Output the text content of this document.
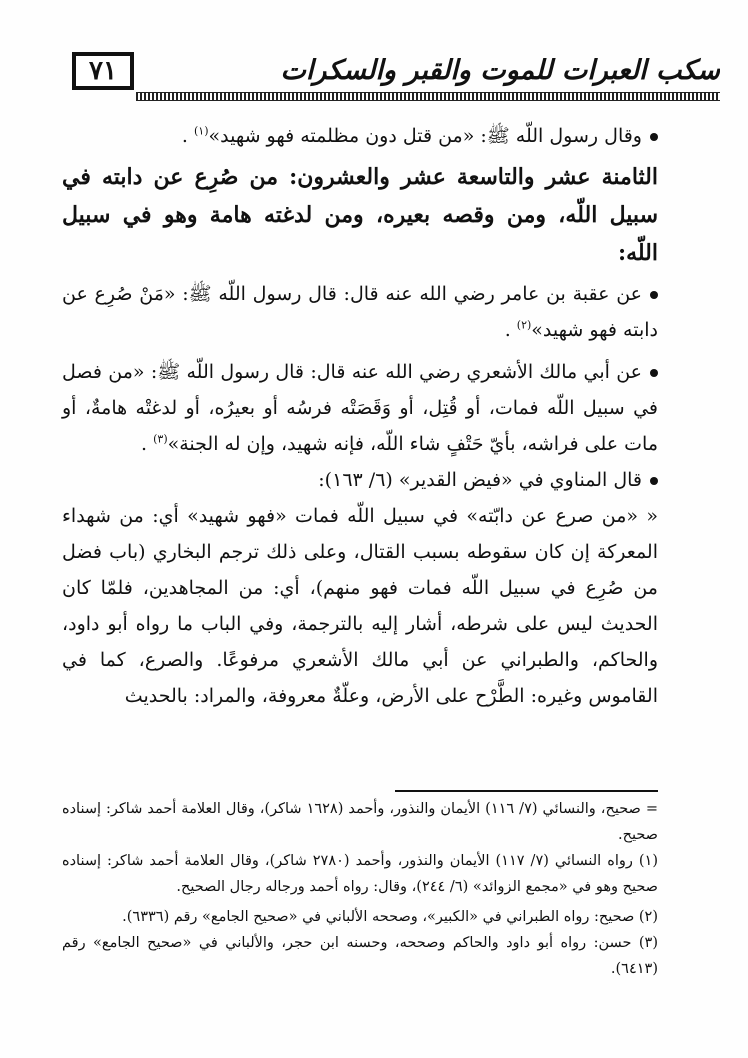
٧١	سكب العبرات للموت والقبر والسكرات

وقال رسول اللّه ﷺ: «من قتل دون مظلمته فهو شهيد»$^{(١)}$ .

الثامنة عشر والتاسعة عشر والعشرون: من صُرِع عن دابته في سبيل اللّه، ومن وقصه بعيره، ومن لدغته هامة وهو في سبيل اللّه:

عن عقبة بن عامر رضي الله عنه قال: قال رسول اللّه ﷺ: «مَنْ صُرِع عن دابته فهو شهيد»$^{(٢)}$ .

عن أبي مالك الأشعري رضي الله عنه قال: قال رسول اللّه ﷺ: «من فصل في سبيل اللّه فمات، أو قُتِل، أو وَقَصَتْه فرسُه أو بعيرُه، أو لدغتْه هامةٌ، أو مات على فراشه، بأيّ حَتْفٍ شاء اللّه، فإنه شهيد، وإن له الجنة»$^{(٣)}$ .

قال المناوي في «فيض القدير» (٦/ ١٦٣):

« «من صرع عن دابّته» في سبيل اللّه فمات «فهو شهيد» أي: من شهداء المعركة إن كان سقوطه بسبب القتال، وعلى ذلك ترجم البخاري (باب فضل من صُرِع في سبيل اللّه فمات فهو منهم)، أي: من المجاهدين، فلمّا كان الحديث ليس على شرطه، أشار إليه بالترجمة، وفي الباب ما رواه أبو داود، والحاكم، والطبراني عن أبي مالك الأشعري مرفوعًا. والصرع، كما في القاموس وغيره: الطَّرْح على الأرض، وعلّةٌ معروفة، والمراد: بالحديث

= صحيح، والنسائي (٧/ ١١٦) الأيمان والنذور، وأحمد (١٦٢٨ شاكر)، وقال العلامة أحمد شاكر: إسناده صحيح.

(١) رواه النسائي (٧/ ١١٧) الأيمان والنذور، وأحمد (٢٧٨٠ شاكر)، وقال العلامة أحمد شاكر: إسناده صحيح وهو في «مجمع الزوائد» (٦/ ٢٤٤)، وقال: رواه أحمد ورجاله رجال الصحيح.

(٢) صحيح: رواه الطبراني في «الكبير»، وصححه الألباني في «صحيح الجامع» رقم (٦٣٣٦).

(٣) حسن: رواه أبو داود والحاكم وصححه، وحسنه ابن حجر، والألباني في «صحيح الجامع» رقم (٦٤١٣).
